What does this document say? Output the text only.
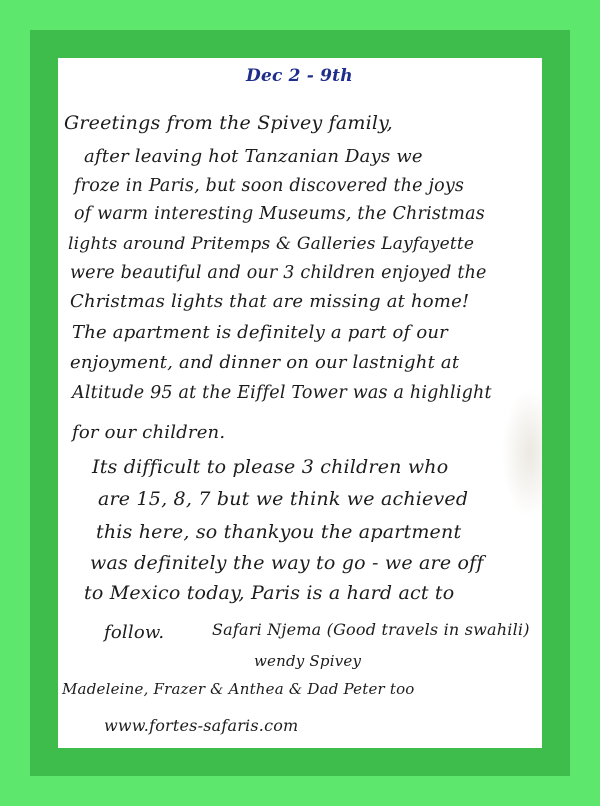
Dec 2 - 9th
Greetings from the Spivey family,
after leaving hot Tanzanian Days we
froze in Paris, but soon discovered the joys
of warm interesting Museums, the Christmas
lights around Pritemps & Galleries Layfayette
were beautiful and our 3 children enjoyed the
Christmas lights that are missing at home!
The apartment is definitely a part of our
enjoyment, and dinner on our lastnight at
Altitude 95 at the Eiffel Tower was a highlight
for our children.
Its difficult to please 3 children who
are 15, 8, 7 but we think we achieved
this here, so thankyou the apartment
was definitely the way to go - we are off
to Mexico today, Paris is a hard act to
follow.	Safari Njema (Good travels in swahili)
wendy Spivey
Madeleine, Frazer & Anthea & Dad Peter too
www.fortes-safaris.com
